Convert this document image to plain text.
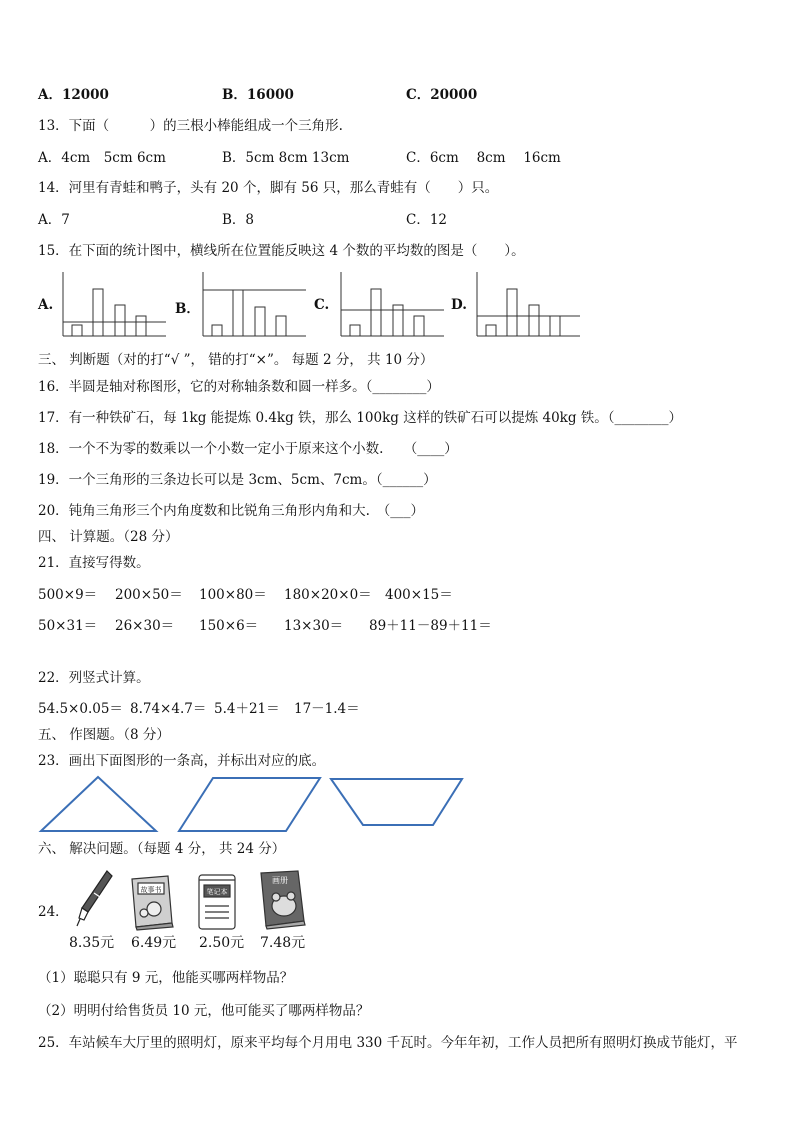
A．12000	B．16000	C．20000
13．下面（　　　）的三根小棒能组成一个三角形.
A．4cm　5cm 6cm	B．5cm 8cm 13cm	C．6cm　 8cm　 16cm
14．河里有青蛙和鸭子，头有 20 个，脚有 56 只，那么青蛙有（　　）只。
A．7	B．8	C．12
15．在下面的统计图中，横线所在位置能反映这 4 个数的平均数的图是（　　）。
A.	B．	C.	D.
三、 判断题（对的打“√ ”， 错的打“×”。 每题 2 分， 共 10 分）
16．半圆是轴对称图形，它的对称轴条数和圆一样多。（________）
17．有一种铁矿石，每 1kg 能提炼 0.4kg 铁，那么 100kg 这样的铁矿石可以提炼 40kg 铁。（________）
18．一个不为零的数乘以一个小数一定小于原来这个小数.　　（____）
19．一个三角形的三条边长可以是 3cm、5cm、7cm。（______）
20．钝角三角形三个内角度数和比锐角三角形内角和大.　（___）
四、 计算题。（28 分）
21．直接写得数。
500×9＝ 200×50＝ 100×80＝ 180×20×0＝ 400×15＝
50×31＝ 26×30＝ 150×6＝ 13×30＝ 89＋11－89＋11＝
22．列竖式计算。
54.5×0.05＝ 8.74×4.7＝ 5.4＋21＝ 17－1.4＝
五、 作图题。（8 分）
23．画出下面图形的一条高，并标出对应的底。
六、 解决问题。（每题 4 分， 共 24 分）
24．
故事书	笔记本
画册
8.35元 6.49元 2.50元 7.48元
（1）聪聪只有 9 元，他能买哪两样物品？
（2）明明付给售货员 10 元，他可能买了哪两样物品？
25．车站候车大厅里的照明灯，原来平均每个月用电 330 千瓦时。今年年初，工作人员把所有照明灯换成节能灯，平
